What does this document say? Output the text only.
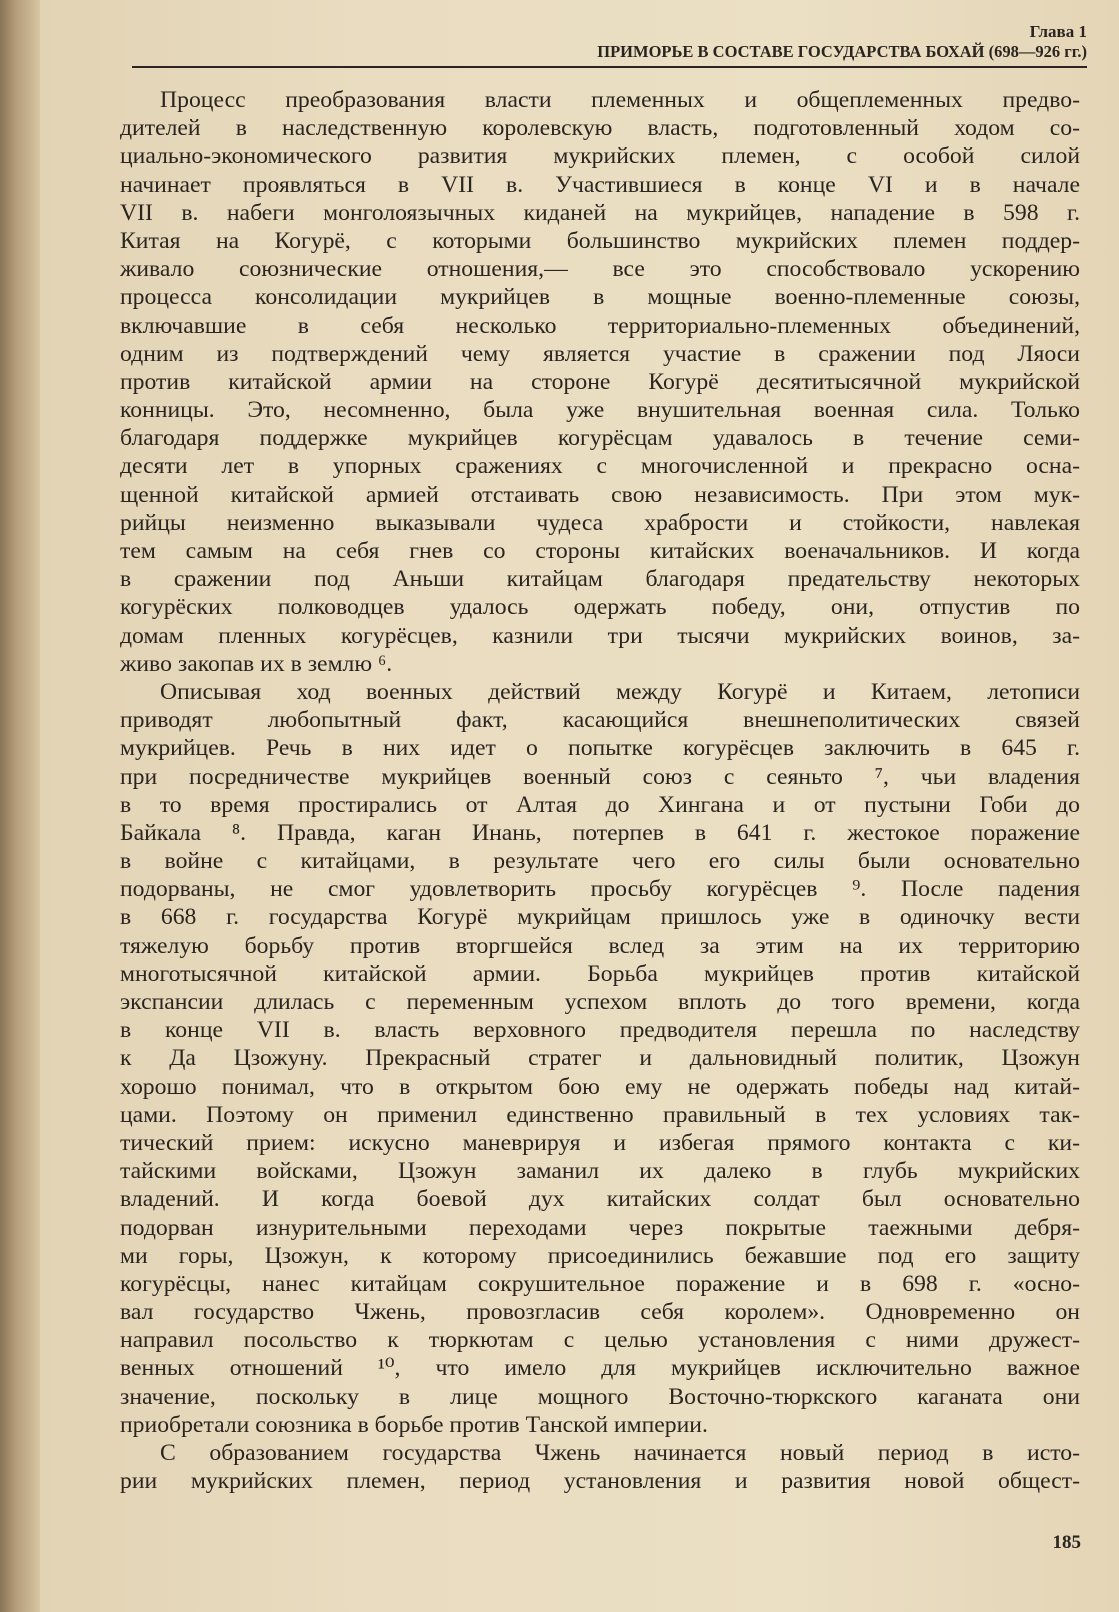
Глава 1
ПРИМОРЬЕ В СОСТАВЕ ГОСУДАРСТВА БОХАЙ (698—926 гг.)
Процесс преобразования власти племенных и общеплеменных предво-
дителей в наследственную королевскую власть, подготовленный ходом со-
циально-экономического развития мукрийских племен, с особой силой
начинает проявляться в VII в. Участившиеся в конце VI и в начале
VII в. набеги монголоязычных киданей на мукрийцев, нападение в 598 г.
Китая на Когурё, с которыми большинство мукрийских племен поддер-
живало союзнические отношения,— все это способствовало ускорению
процесса консолидации мукрийцев в мощные военно-племенные союзы,
включавшие в себя несколько территориально-племенных объединений,
одним из подтверждений чему является участие в сражении под Ляоси
против китайской армии на стороне Когурё десятитысячной мукрийской
конницы. Это, несомненно, была уже внушительная военная сила. Только
благодаря поддержке мукрийцев когурёсцам удавалось в течение семи-
десяти лет в упорных сражениях с многочисленной и прекрасно осна-
щенной китайской армией отстаивать свою независимость. При этом мук-
рийцы неизменно выказывали чудеса храбрости и стойкости, навлекая
тем самым на себя гнев со стороны китайских военачальников. И когда
в сражении под Аньши китайцам благодаря предательству некоторых
когурёских полководцев удалось одержать победу, они, отпустив по
домам пленных когурёсцев, казнили три тысячи мукрийских воинов, за-
живо закопав их в землю ⁶.
Описывая ход военных действий между Когурё и Китаем, летописи
приводят любопытный факт, касающийся внешнеполитических связей
мукрийцев. Речь в них идет о попытке когурёсцев заключить в 645 г.
при посредничестве мукрийцев военный союз с сеяньто ⁷, чьи владения
в то время простирались от Алтая до Хингана и от пустыни Гоби до
Байкала ⁸. Правда, каган Инань, потерпев в 641 г. жестокое поражение
в войне с китайцами, в результате чего его силы были основательно
подорваны, не смог удовлетворить просьбу когурёсцев ⁹. После падения
в 668 г. государства Когурё мукрийцам пришлось уже в одиночку вести
тяжелую борьбу против вторгшейся вслед за этим на их территорию
многотысячной китайской армии. Борьба мукрийцев против китайской
экспансии длилась с переменным успехом вплоть до того времени, когда
в конце VII в. власть верховного предводителя перешла по наследству
к Да Цзожуну. Прекрасный стратег и дальновидный политик, Цзожун
хорошо понимал, что в открытом бою ему не одержать победы над китай-
цами. Поэтому он применил единственно правильный в тех условиях так-
тический прием: искусно маневрируя и избегая прямого контакта с ки-
тайскими войсками, Цзожун заманил их далеко в глубь мукрийских
владений. И когда боевой дух китайских солдат был основательно
подорван изнурительными переходами через покрытые таежными дебря-
ми горы, Цзожун, к которому присоединились бежавшие под его защиту
когурёсцы, нанес китайцам сокрушительное поражение и в 698 г. «осно-
вал государство Чжень, провозгласив себя королем». Одновременно он
направил посольство к тюркютам с целью установления с ними дружест-
венных отношений ¹⁰, что имело для мукрийцев исключительно важное
значение, поскольку в лице мощного Восточно-тюркского каганата они
приобретали союзника в борьбе против Танской империи.
С образованием государства Чжень начинается новый период в исто-
рии мукрийских племен, период установления и развития новой общест-
185
